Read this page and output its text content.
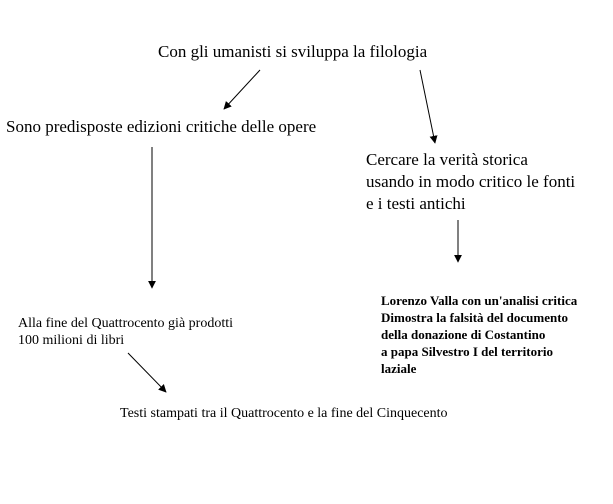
Con gli umanisti si sviluppa la filologia

Sono predisposte edizioni critiche delle opere

Cercare la verità storica
usando in modo critico le fonti
e i testi antichi
Alla fine del Quattrocento già prodotti
100 milioni di libri
Lorenzo Valla con un'analisi critica
Dimostra la falsità del documento
della donazione di Costantino
a papa Silvestro I del territorio
laziale

Testi stampati tra il Quattrocento e la fine del Cinquecento
